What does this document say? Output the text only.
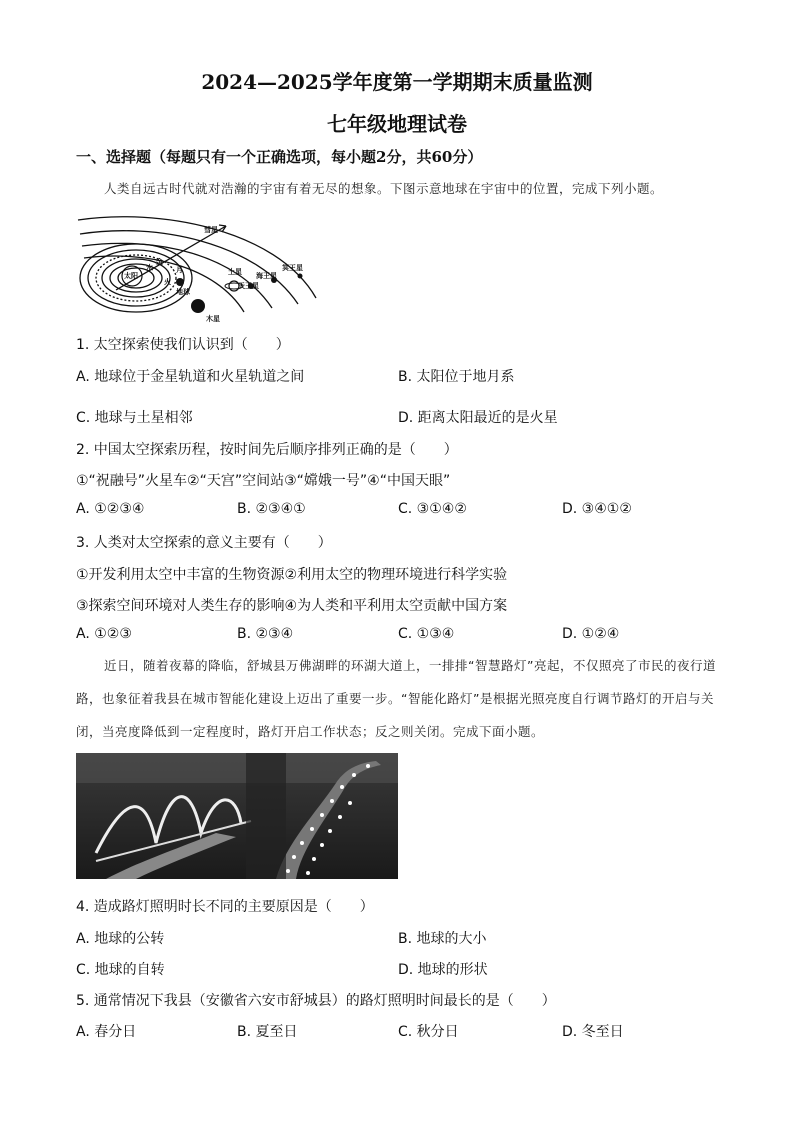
2024—2025学年度第一学期期末质量监测
七年级地理试卷
一、选择题（每题只有一个正确选项，每小题2分，共60分）
人类自远古时代就对浩瀚的宇宙有着无尽的想象。下图示意地球在宇宙中的位置，完成下列小题。
彗星
太阳
水
金
月
地球
火
土星
天王星
海王星
冥王星
木星
1. 太空探索使我们认识到（　　）
A. 地球位于金星轨道和火星轨道之间	B. 太阳位于地月系
C. 地球与土星相邻	D. 距离太阳最近的是火星
2. 中国太空探索历程，按时间先后顺序排列正确的是（　　）
①“祝融号”火星车②“天宫”空间站③“嫦娥一号”④“中国天眼”
A. ①②③④	B. ②③④①	C. ③①④②	D. ③④①②
3. 人类对太空探索的意义主要有（　　）
①开发利用太空中丰富的生物资源②利用太空的物理环境进行科学实验
③探索空间环境对人类生存的影响④为人类和平利用太空贡献中国方案
A. ①②③	B. ②③④	C. ①③④	D. ①②④
近日，随着夜幕的降临，舒城县万佛湖畔的环湖大道上，一排排“智慧路灯”亮起，不仅照亮了市民的夜行道路，也象征着我县在城市智能化建设上迈出了重要一步。“智能化路灯”是根据光照亮度自行调节路灯的开启与关闭，当亮度降低到一定程度时，路灯开启工作状态；反之则关闭。完成下面小题。
4. 造成路灯照明时长不同的主要原因是（　　）
A. 地球的公转	B. 地球的大小
C. 地球的自转	D. 地球的形状
5. 通常情况下我县（安徽省六安市舒城县）的路灯照明时间最长的是（　　）
A. 春分日	B. 夏至日	C. 秋分日	D. 冬至日
